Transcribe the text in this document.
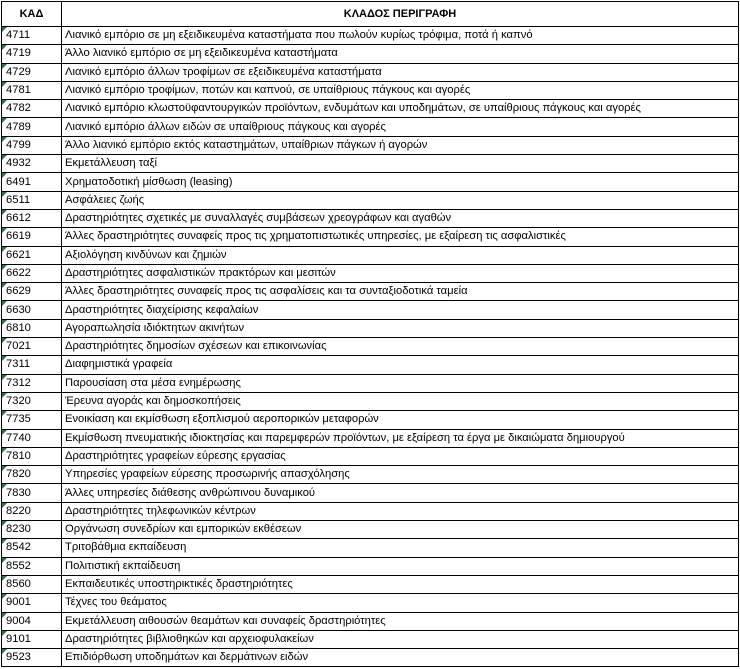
ΚΑΔ	ΚΛΑΔΟΣ ΠΕΡΙΓΡΑΦΗ
4711	Λιανικό εμπόριο σε μη εξειδικευμένα καταστήματα που πωλούν κυρίως τρόφιμα, ποτά ή καπνό
4719	Άλλο λιανικό εμπόριο σε μη εξειδικευμένα καταστήματα
4729	Λιανικό εμπόριο άλλων τροφίμων σε εξειδικευμένα καταστήματα
4781	Λιανικό εμπόριο τροφίμων, ποτών και καπνού, σε υπαίθριους πάγκους και αγορές
4782	Λιανικό εμπόριο κλωστοϋφαντουργικών προϊόντων, ενδυμάτων και υποδημάτων, σε υπαίθριους πάγκους και αγορές
4789	Λιανικό εμπόριο άλλων ειδών σε υπαίθριους πάγκους και αγορές
4799	Άλλο λιανικό εμπόριο εκτός καταστημάτων, υπαίθριων πάγκων ή αγορών
4932	Εκμετάλλευση ταξί
6491	Χρηματοδοτική μίσθωση (leasing)
6511	Ασφάλειες ζωής
6612	Δραστηριότητες σχετικές με συναλλαγές συμβάσεων χρεογράφων και αγαθών
6619	Άλλες δραστηριότητες συναφείς προς τις χρηματοπιστωτικές υπηρεσίες, με εξαίρεση τις ασφαλιστικές
6621	Αξιολόγηση κινδύνων και ζημιών
6622	Δραστηριότητες ασφαλιστικών πρακτόρων και μεσιτών
6629	Άλλες δραστηριότητες συναφείς προς τις ασφαλίσεις και τα συνταξιοδοτικά ταμεία
6630	Δραστηριότητες διαχείρισης κεφαλαίων
6810	Αγοραπωλησία ιδιόκτητων ακινήτων
7021	Δραστηριότητες δημοσίων σχέσεων και επικοινωνίας
7311	Διαφημιστικά γραφεία
7312	Παρουσίαση στα μέσα ενημέρωσης
7320	Έρευνα αγοράς και δημοσκοπήσεις
7735	Ενοικίαση και εκμίσθωση εξοπλισμού αεροπορικών μεταφορών
7740	Εκμίσθωση πνευματικής ιδιοκτησίας και παρεμφερών προϊόντων, με εξαίρεση τα έργα με δικαιώματα δημιουργού
7810	Δραστηριότητες γραφείων εύρεσης εργασίας
7820	Υπηρεσίες γραφείων εύρεσης προσωρινής απασχόλησης
7830	Άλλες υπηρεσίες διάθεσης ανθρώπινου δυναμικού
8220	Δραστηριότητες τηλεφωνικών κέντρων
8230	Οργάνωση συνεδρίων και εμπορικών εκθέσεων
8542	Τριτοβάθμια εκπαίδευση
8552	Πολιτιστική εκπαίδευση
8560	Εκπαιδευτικές υποστηρικτικές δραστηριότητες
9001	Τέχνες του θεάματος
9004	Εκμετάλλευση αιθουσών θεαμάτων και συναφείς δραστηριότητες
9101	Δραστηριότητες βιβλιοθηκών και αρχειοφυλακείων
9523	Επιδιόρθωση υποδημάτων και δερμάτινων ειδών
